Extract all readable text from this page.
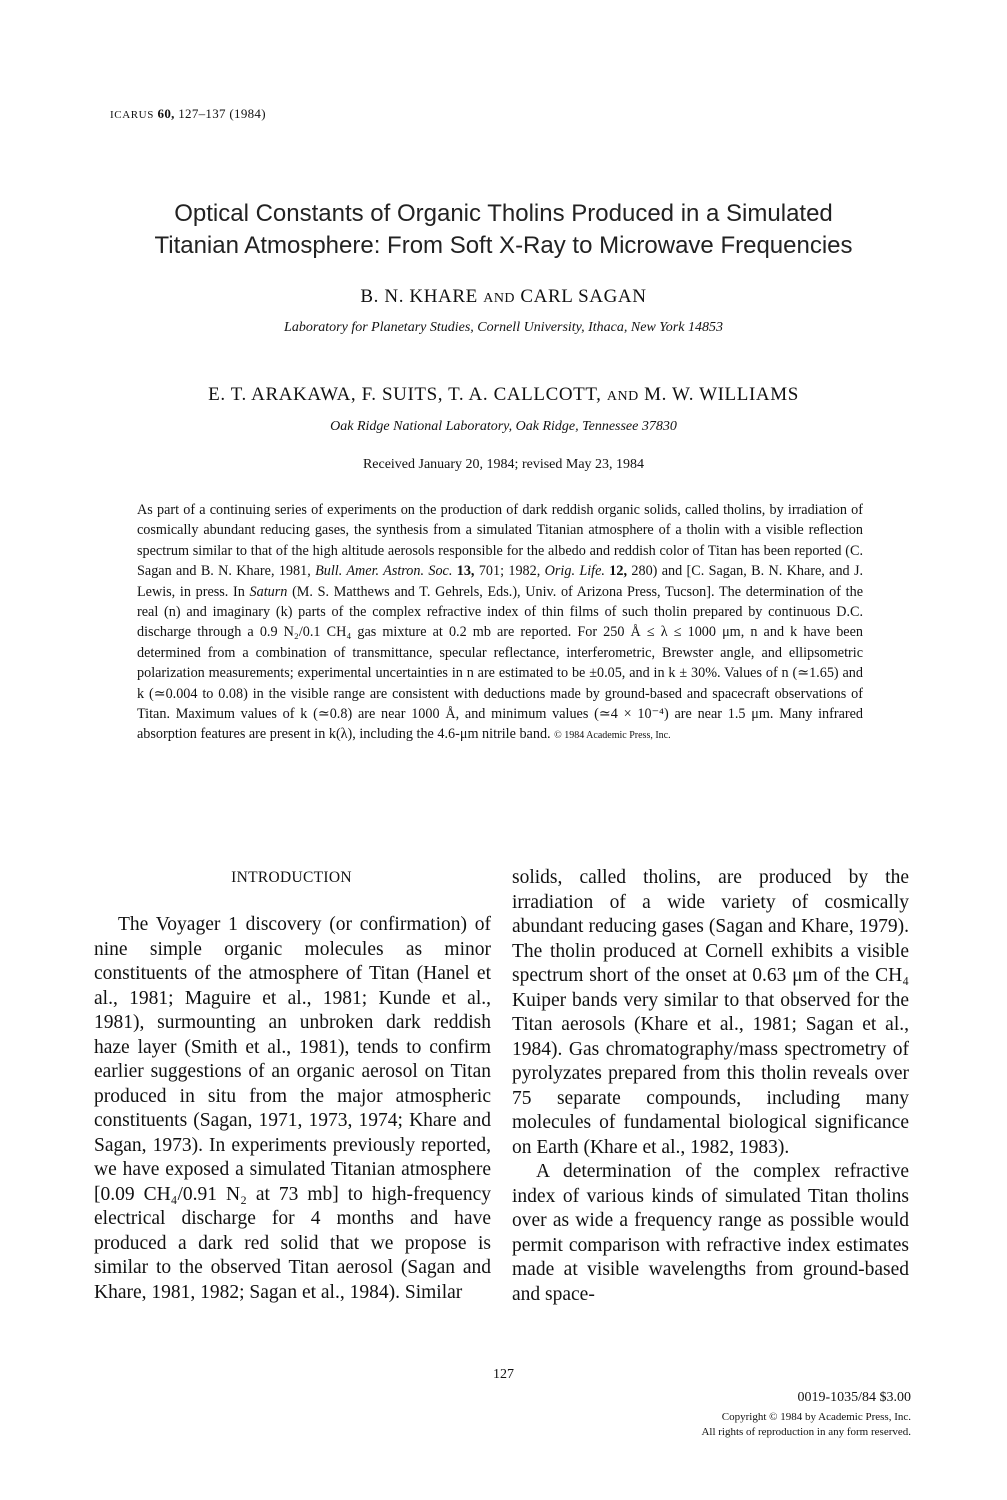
ICARUS 60, 127–137 (1984)
Optical Constants of Organic Tholins Produced in a Simulated
Titanian Atmosphere: From Soft X-Ray to Microwave Frequencies
B. N. KHARE AND CARL SAGAN
Laboratory for Planetary Studies, Cornell University, Ithaca, New York 14853
E. T. ARAKAWA, F. SUITS, T. A. CALLCOTT, AND M. W. WILLIAMS
Oak Ridge National Laboratory, Oak Ridge, Tennessee 37830
Received January 20, 1984; revised May 23, 1984
As part of a continuing series of experiments on the production of dark reddish organic solids, called tholins, by irradiation of cosmically abundant reducing gases, the synthesis from a simulated Titanian atmosphere of a tholin with a visible reflection spectrum similar to that of the high altitude aerosols responsible for the albedo and reddish color of Titan has been reported (C. Sagan and B. N. Khare, 1981, Bull. Amer. Astron. Soc. 13, 701; 1982, Orig. Life. 12, 280) and [C. Sagan, B. N. Khare, and J. Lewis, in press. In Saturn (M. S. Matthews and T. Gehrels, Eds.), Univ. of Arizona Press, Tucson]. The determination of the real (n) and imaginary (k) parts of the complex refractive index of thin films of such tholin prepared by continuous D.C. discharge through a 0.9 N₂/0.1 CH₄ gas mixture at 0.2 mb are reported. For 250 Å ≤ λ ≤ 1000 μm, n and k have been determined from a combination of transmittance, specular reflectance, interferometric, Brewster angle, and ellipsometric polarization measurements; experimental uncertainties in n are estimated to be ±0.05, and in k ± 30%. Values of n (≃1.65) and k (≃0.004 to 0.08) in the visible range are consistent with deductions made by ground-based and spacecraft observations of Titan. Maximum values of k (≃0.8) are near 1000 Å, and minimum values (≃4 × 10⁻⁴) are near 1.5 μm. Many infrared absorption features are present in k(λ), including the 4.6-μm nitrile band. © 1984 Academic Press, Inc.
INTRODUCTION

The Voyager 1 discovery (or confirmation) of nine simple organic molecules as minor constituents of the atmosphere of Titan (Hanel et al., 1981; Maguire et al., 1981; Kunde et al., 1981), surmounting an unbroken dark reddish haze layer (Smith et al., 1981), tends to confirm earlier suggestions of an organic aerosol on Titan produced in situ from the major atmospheric constituents (Sagan, 1971, 1973, 1974; Khare and Sagan, 1973). In experiments previously reported, we have exposed a simulated Titanian atmosphere [0.09 CH₄/0.91 N₂ at 73 mb] to high-frequency electrical discharge for 4 months and have produced a dark red solid that we propose is similar to the observed Titan aerosol (Sagan and Khare, 1981, 1982; Sagan et al., 1984). Similar

solids, called tholins, are produced by the irradiation of a wide variety of cosmically abundant reducing gases (Sagan and Khare, 1979). The tholin produced at Cornell exhibits a visible spectrum short of the onset at 0.63 μm of the CH₄ Kuiper bands very similar to that observed for the Titan aerosols (Khare et al., 1981; Sagan et al., 1984). Gas chromatography/mass spectrometry of pyrolyzates prepared from this tholin reveals over 75 separate compounds, including many molecules of fundamental biological significance on Earth (Khare et al., 1982, 1983).

A determination of the complex refractive index of various kinds of simulated Titan tholins over as wide a frequency range as possible would permit comparison with refractive index estimates made at visible wavelengths from ground-based and space-

127
0019-1035/84 $3.00
Copyright © 1984 by Academic Press, Inc.
All rights of reproduction in any form reserved.
